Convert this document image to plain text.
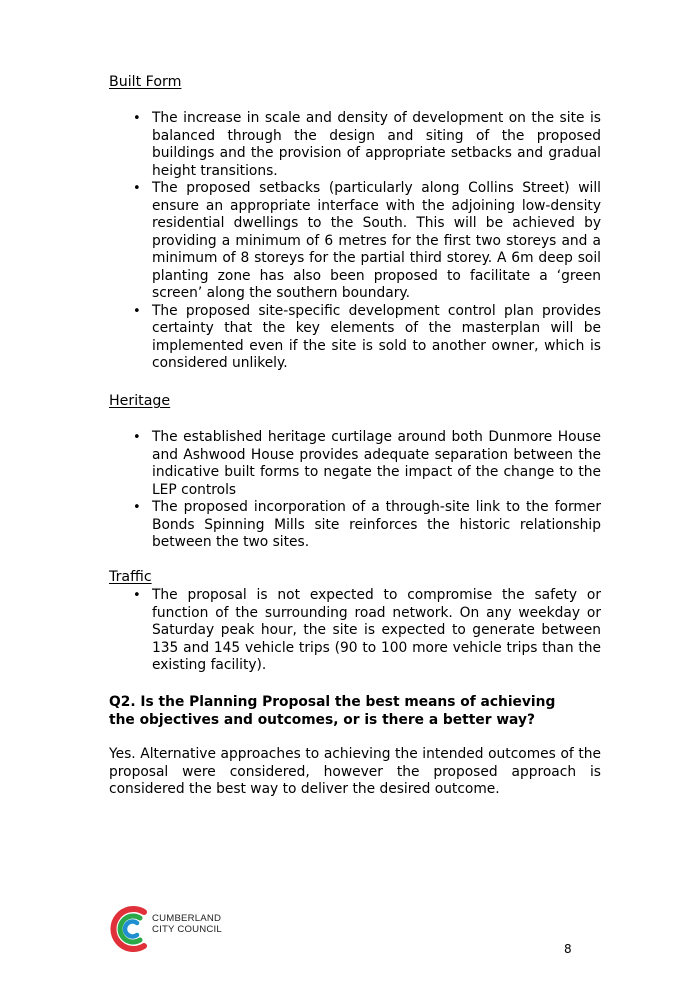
Built Form
• The increase in scale and density of development on the site is balanced through the design and siting of the proposed buildings and the provision of appropriate setbacks and gradual height transitions.
• The proposed setbacks (particularly along Collins Street) will ensure an appropriate interface with the adjoining low-density residential dwellings to the South. This will be achieved by providing a minimum of 6 metres for the first two storeys and a minimum of 8 storeys for the partial third storey. A 6m deep soil planting zone has also been proposed to facilitate a ‘green screen’ along the southern boundary.
• The proposed site-specific development control plan provides certainty that the key elements of the masterplan will be implemented even if the site is sold to another owner, which is considered unlikely.
Heritage
• The established heritage curtilage around both Dunmore House and Ashwood House provides adequate separation between the indicative built forms to negate the impact of the change to the LEP controls
• The proposed incorporation of a through-site link to the former Bonds Spinning Mills site reinforces the historic relationship between the two sites.
Traffic
• The proposal is not expected to compromise the safety or function of the surrounding road network. On any weekday or Saturday peak hour, the site is expected to generate between 135 and 145 vehicle trips (90 to 100 more vehicle trips than the existing facility).

Q2. Is the Planning Proposal the best means of achieving the objectives and outcomes, or is there a better way?

Yes. Alternative approaches to achieving the intended outcomes of the proposal were considered, however the proposed approach is considered the best way to deliver the desired outcome.

CUMBERLAND
CITY COUNCIL
8
